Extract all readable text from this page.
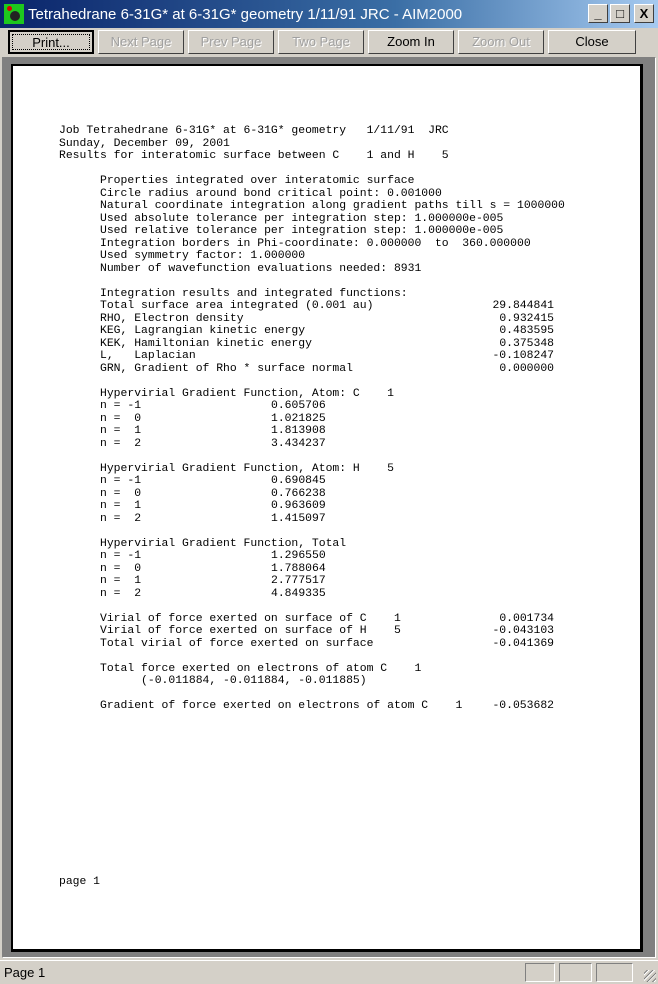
Tetrahedrane 6-31G* at 6-31G* geometry 1/11/91 JRC - AIM2000	_	□	X
Print...	Next Page	Prev Page	Two Page	Zoom In	Zoom Out	Close
Job Tetrahedrane 6-31G* at 6-31G* geometry   1/11/91  JRC
Sunday, December 09, 2001
Results for interatomic surface between C    1 and H    5
Properties integrated over interatomic surface
Circle radius around bond critical point: 0.001000
Natural coordinate integration along gradient paths till s = 1000000
Used absolute tolerance per integration step: 1.000000e-005
Used relative tolerance per integration step: 1.000000e-005
Integration borders in Phi-coordinate: 0.000000  to  360.000000
Used symmetry factor: 1.000000
Number of wavefunction evaluations needed: 8931
Integration results and integrated functions:
Total surface area integrated (0.001 au)	29.844841
RHO, Electron density	0.932415
KEG, Lagrangian kinetic energy	0.483595
KEK, Hamiltonian kinetic energy	0.375348
L,   Laplacian	-0.108247
GRN, Gradient of Rho * surface normal	0.000000
Hypervirial Gradient Function, Atom: C    1
n = -1	0.605706
n =  0	1.021825
n =  1	1.813908
n =  2	3.434237
Hypervirial Gradient Function, Atom: H    5
n = -1	0.690845
n =  0	0.766238
n =  1	0.963609
n =  2	1.415097
Hypervirial Gradient Function, Total
n = -1	1.296550
n =  0	1.788064
n =  1	2.777517
n =  2	4.849335
Virial of force exerted on surface of C    1	0.001734
Virial of force exerted on surface of H    5	-0.043103
Total virial of force exerted on surface	-0.041369
Total force exerted on electrons of atom C    1
(-0.011884, -0.011884, -0.011885)
Gradient of force exerted on electrons of atom C    1	-0.053682
page 1
Page 1
